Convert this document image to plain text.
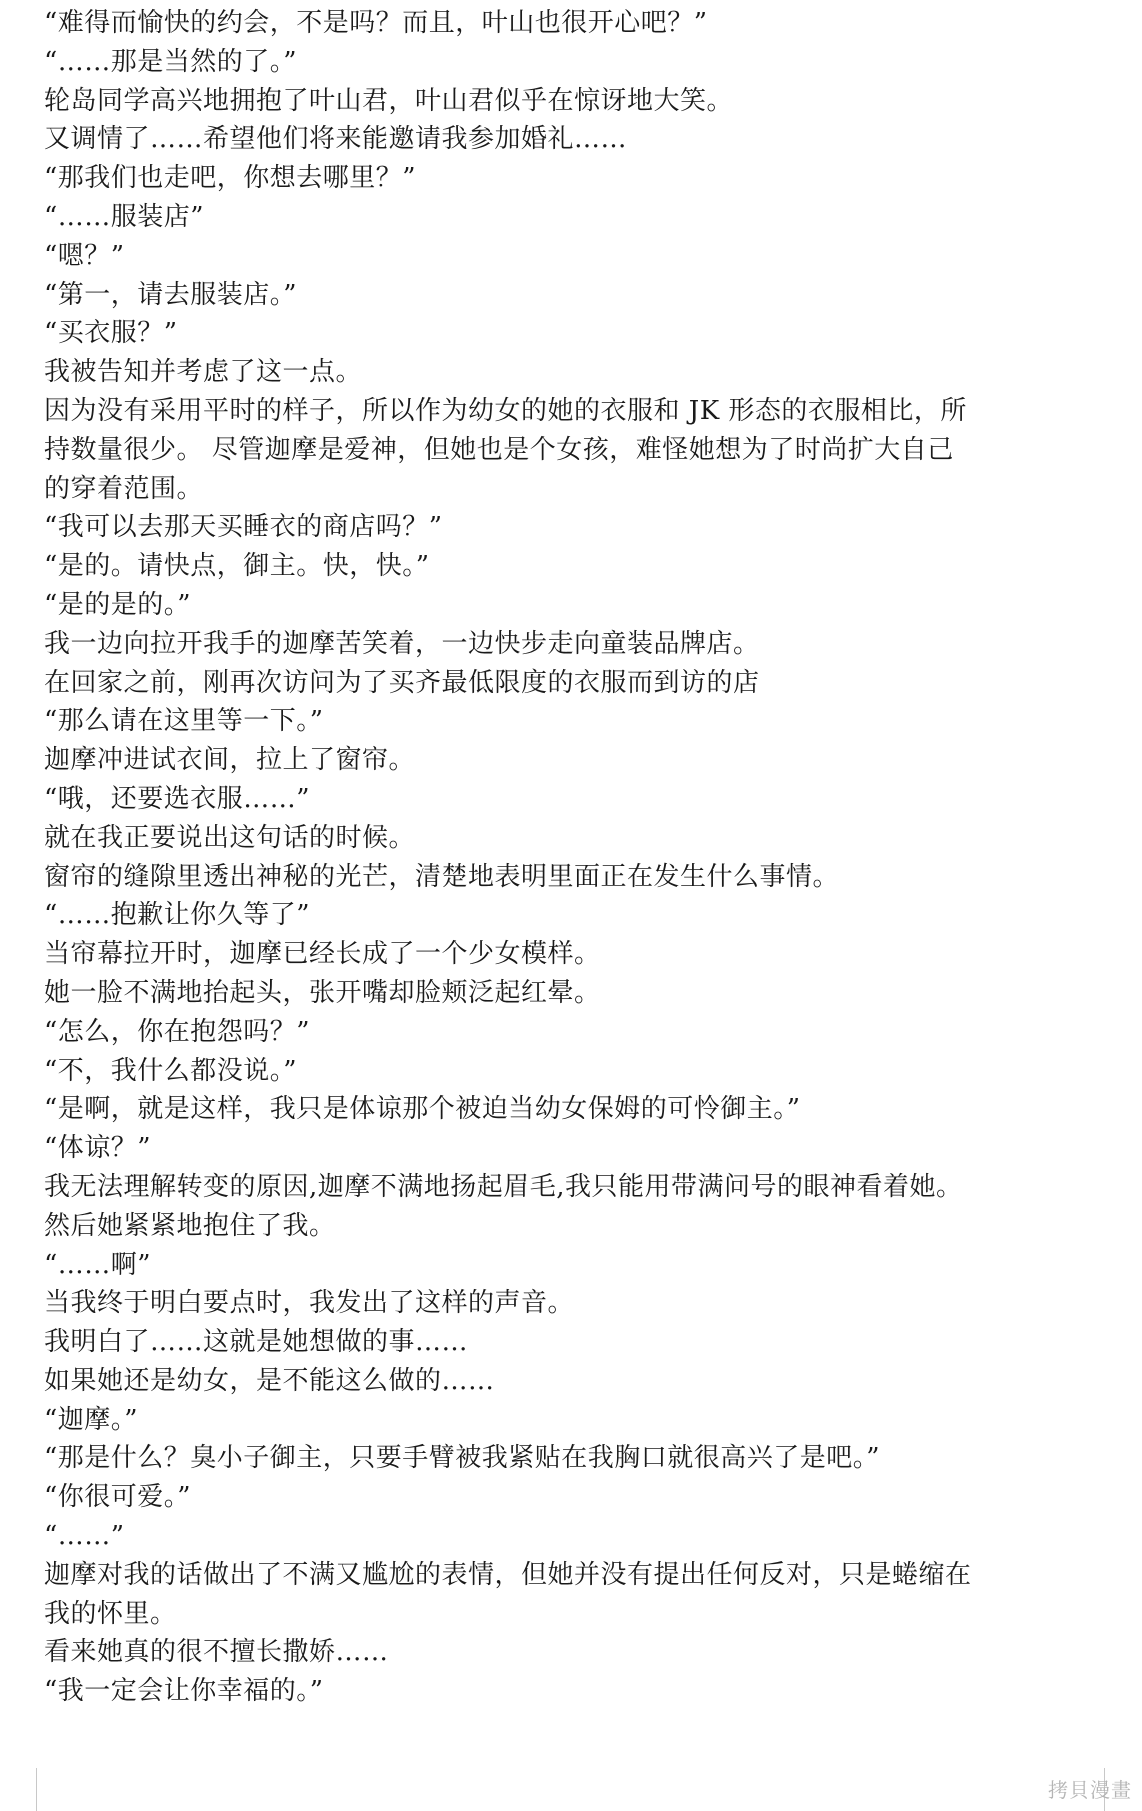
“难得而愉快的约会，不是吗？而且，叶山也很开心吧？”
“……那是当然的了。”
轮岛同学高兴地拥抱了叶山君，叶山君似乎在惊讶地大笑。
又调情了……希望他们将来能邀请我参加婚礼……
“那我们也走吧，你想去哪里？”
“……服装店”
“嗯？”
“第一，请去服装店。”
“买衣服？”
我被告知并考虑了这一点。
因为没有采用平时的样子，所以作为幼女的她的衣服和 JK 形态的衣服相比，所
持数量很少。 尽管迦摩是爱神，但她也是个女孩，难怪她想为了时尚扩大自己
的穿着范围。
“我可以去那天买睡衣的商店吗？”
“是的。请快点，御主。快，快。”
“是的是的。”
我一边向拉开我手的迦摩苦笑着，一边快步走向童装品牌店。
在回家之前，刚再次访问为了买齐最低限度的衣服而到访的店
“那么请在这里等一下。”
迦摩冲进试衣间，拉上了窗帘。
“哦，还要选衣服……”
就在我正要说出这句话的时候。
窗帘的缝隙里透出神秘的光芒，清楚地表明里面正在发生什么事情。
“……抱歉让你久等了”
当帘幕拉开时，迦摩已经长成了一个少女模样。
她一脸不满地抬起头，张开嘴却脸颊泛起红晕。
“怎么，你在抱怨吗？”
“不，我什么都没说。”
“是啊，就是这样，我只是体谅那个被迫当幼女保姆的可怜御主。”
“体谅？”
我无法理解转变的原因,迦摩不满地扬起眉毛,我只能用带满问号的眼神看着她。
然后她紧紧地抱住了我。
“……啊”
当我终于明白要点时，我发出了这样的声音。
我明白了……这就是她想做的事……
如果她还是幼女，是不能这么做的……
“迦摩。”
“那是什么？臭小子御主，只要手臂被我紧贴在我胸口就很高兴了是吧。”
“你很可爱。”
“……”
迦摩对我的话做出了不满又尴尬的表情，但她并没有提出任何反对，只是蜷缩在
我的怀里。
看来她真的很不擅长撒娇……
“我一定会让你幸福的。”
拷貝漫畫
